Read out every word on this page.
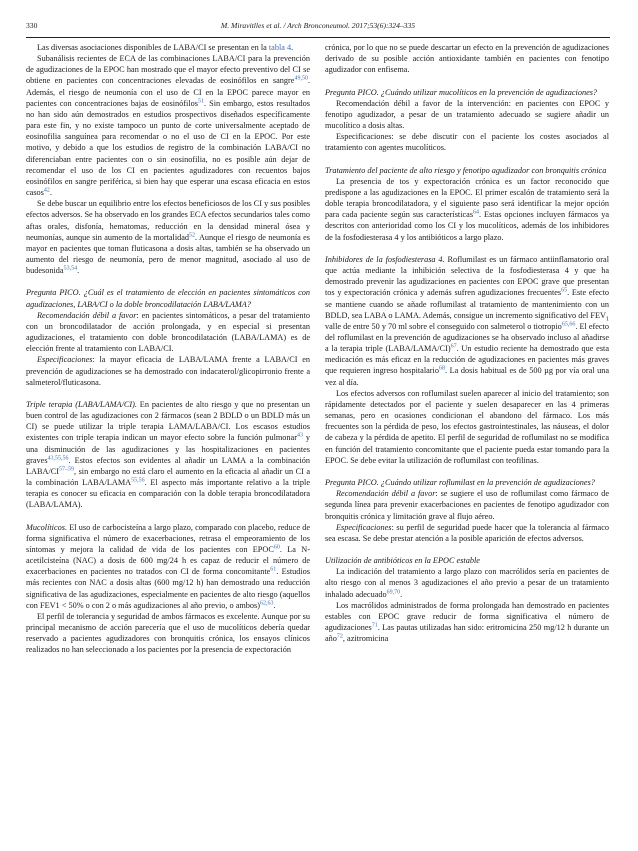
330	M. Miravitlles et al. / Arch Bronconeumol. 2017;53(6):324–335

Las diversas asociaciones disponibles de LABA/CI se presentan en la tabla 4.

Subanálisis recientes de ECA de las combinaciones LABA/CI para la prevención de agudizaciones de la EPOC han mostrado que el mayor efecto preventivo del CI se obtiene en pacientes con concentraciones elevadas de eosinófilos en sangre$^{49,50}$. Además, el riesgo de neumonía con el uso de CI en la EPOC parece mayor en pacientes con concentraciones bajas de eosinófilos$^{51}$. Sin embargo, estos resultados no han sido aún demostrados en estudios prospectivos diseñados específicamente para este fin, y no existe tampoco un punto de corte universalmente aceptado de eosinofilia sanguínea para recomendar o no el uso de CI en la EPOC. Por este motivo, y debido a que los estudios de registro de la combinación LABA/CI no diferenciaban entre pacientes con o sin eosinofilia, no es posible aún dejar de recomendar el uso de los CI en pacientes agudizadores con recuentos bajos eosinófilos en sangre periférica, si bien hay que esperar una escasa eficacia en estos casos$^{42}$.

Se debe buscar un equilibrio entre los efectos beneficiosos de los CI y sus posibles efectos adversos. Se ha observado en los grandes ECA efectos secundarios tales como aftas orales, disfonía, hematomas, reducción en la densidad mineral ósea y neumonías, aunque sin aumento de la mortalidad$^{52}$. Aunque el riesgo de neumonía es mayor en pacientes que toman fluticasona a dosis altas, también se ha observado un aumento del riesgo de neumonía, pero de menor magnitud, asociado al uso de budesonida$^{53,54}$.

Pregunta PICO. ¿Cuál es el tratamiento de elección en pacientes sintomáticos con agudizaciones, LABA/CI o la doble broncodilatación LABA/LAMA?

Recomendación débil a favor: en pacientes sintomáticos, a pesar del tratamiento con un broncodilatador de acción prolongada, y en especial si presentan agudizaciones, el tratamiento con doble broncodilatación (LABA/LAMA) es de elección frente al tratamiento con LABA/CI.

Especificaciones: la mayor eficacia de LABA/LAMA frente a LABA/CI en prevención de agudizaciones se ha demostrado con indacaterol/glicopirronio frente a salmeterol/fluticasona.

Triple terapia (LABA/LAMA/CI). En pacientes de alto riesgo y que no presentan un buen control de las agudizaciones con 2 fármacos (sean 2 BDLD o un BDLD más un CI) se puede utilizar la triple terapia LAMA/LABA/CI. Los escasos estudios existentes con triple terapia indican un mayor efecto sobre la función pulmonar$^{43}$ y una disminución de las agudizaciones y las hospitalizaciones en pacientes graves$^{43,55,56}$. Estos efectos son evidentes al añadir un LAMA a la combinación LABA/CI$^{57-59}$, sin embargo no está claro el aumento en la eficacia al añadir un CI a la combinación LABA/LAMA$^{55,56}$. El aspecto más importante relativo a la triple terapia es conocer su eficacia en comparación con la doble terapia broncodilatadora (LABA/LAMA).

Mucolíticos. El uso de carbocisteína a largo plazo, comparado con placebo, reduce de forma significativa el número de exacerbaciones, retrasa el empeoramiento de los síntomas y mejora la calidad de vida de los pacientes con EPOC$^{60}$. La N-acetilcisteína (NAC) a dosis de 600 mg/24 h es capaz de reducir el número de exacerbaciones en pacientes no tratados con CI de forma concomitante$^{61}$. Estudios más recientes con NAC a dosis altas (600 mg/12 h) han demostrado una reducción significativa de las agudizaciones, especialmente en pacientes de alto riesgo (aquellos con FEV1 < 50% o con 2 o más agudizaciones al año previo, o ambos)$^{62,63}$.

El perfil de tolerancia y seguridad de ambos fármacos es excelente. Aunque por su principal mecanismo de acción parecería que el uso de mucolíticos debería quedar reservado a pacientes agudizadores con bronquitis crónica, los ensayos clínicos realizados no han seleccionado a los pacientes por la presencia de expectoración

crónica, por lo que no se puede descartar un efecto en la prevención de agudizaciones derivado de su posible acción antioxidante también en pacientes con fenotipo agudizador con enfisema.

Pregunta PICO. ¿Cuándo utilizar mucolíticos en la prevención de agudizaciones?

Recomendación débil a favor de la intervención: en pacientes con EPOC y fenotipo agudizador, a pesar de un tratamiento adecuado se sugiere añadir un mucolítico a dosis altas.

Especificaciones: se debe discutir con el paciente los costes asociados al tratamiento con agentes mucolíticos.

Tratamiento del paciente de alto riesgo y fenotipo agudizador con bronquitis crónica

La presencia de tos y expectoración crónica es un factor reconocido que predispone a las agudizaciones en la EPOC. El primer escalón de tratamiento será la doble terapia broncodilatadora, y el siguiente paso será identificar la mejor opción para cada paciente según sus características$^{64}$. Estas opciones incluyen fármacos ya descritos con anterioridad como los CI y los mucolíticos, además de los inhibidores de la fosfodiesterasa 4 y los antibióticos a largo plazo.

Inhibidores de la fosfodiesterasa 4. Roflumilast es un fármaco antiinflamatorio oral que actúa mediante la inhibición selectiva de la fosfodiesterasa 4 y que ha demostrado prevenir las agudizaciones en pacientes con EPOC grave que presentan tos y expectoración crónica y además sufren agudizaciones frecuentes$^{65}$. Este efecto se mantiene cuando se añade roflumilast al tratamiento de mantenimiento con un BDLD, sea LABA o LAMA. Además, consigue un incremento significativo del $FEV_1$ valle de entre 50 y 70 ml sobre el conseguido con salmeterol o tiotropio$^{65,66}$. El efecto del roflumilast en la prevención de agudizaciones se ha observado incluso al añadirse a la terapia triple (LABA/LAMA/CI)$^{67}$. Un estudio reciente ha demostrado que esta medicación es más eficaz en la reducción de agudizaciones en pacientes más graves que requieren ingreso hospitalario$^{68}$. La dosis habitual es de 500 µg por vía oral una vez al día.

Los efectos adversos con roflumilast suelen aparecer al inicio del tratamiento; son rápidamente detectados por el paciente y suelen desaparecer en las 4 primeras semanas, pero en ocasiones condicionan el abandono del fármaco. Los más frecuentes son la pérdida de peso, los efectos gastrointestinales, las náuseas, el dolor de cabeza y la pérdida de apetito. El perfil de seguridad de roflumilast no se modifica en función del tratamiento concomitante que el paciente pueda estar tomando para la EPOC. Se debe evitar la utilización de roflumilast con teofilinas.

Pregunta PICO. ¿Cuándo utilizar roflumilast en la prevención de agudizaciones?

Recomendación débil a favor: se sugiere el uso de roflumilast como fármaco de segunda línea para prevenir exacerbaciones en pacientes de fenotipo agudizador con bronquitis crónica y limitación grave al flujo aéreo.

Especificaciones: su perfil de seguridad puede hacer que la tolerancia al fármaco sea escasa. Se debe prestar atención a la posible aparición de efectos adversos.

Utilización de antibióticos en la EPOC estable

La indicación del tratamiento a largo plazo con macrólidos sería en pacientes de alto riesgo con al menos 3 agudizaciones el año previo a pesar de un tratamiento inhalado adecuado$^{69,70}$.

Los macrólidos administrados de forma prolongada han demostrado en pacientes estables con EPOC grave reducir de forma significativa el número de agudizaciones$^{71}$. Las pautas utilizadas han sido: eritromicina 250 mg/12 h durante un año$^{72}$, azitromicina
